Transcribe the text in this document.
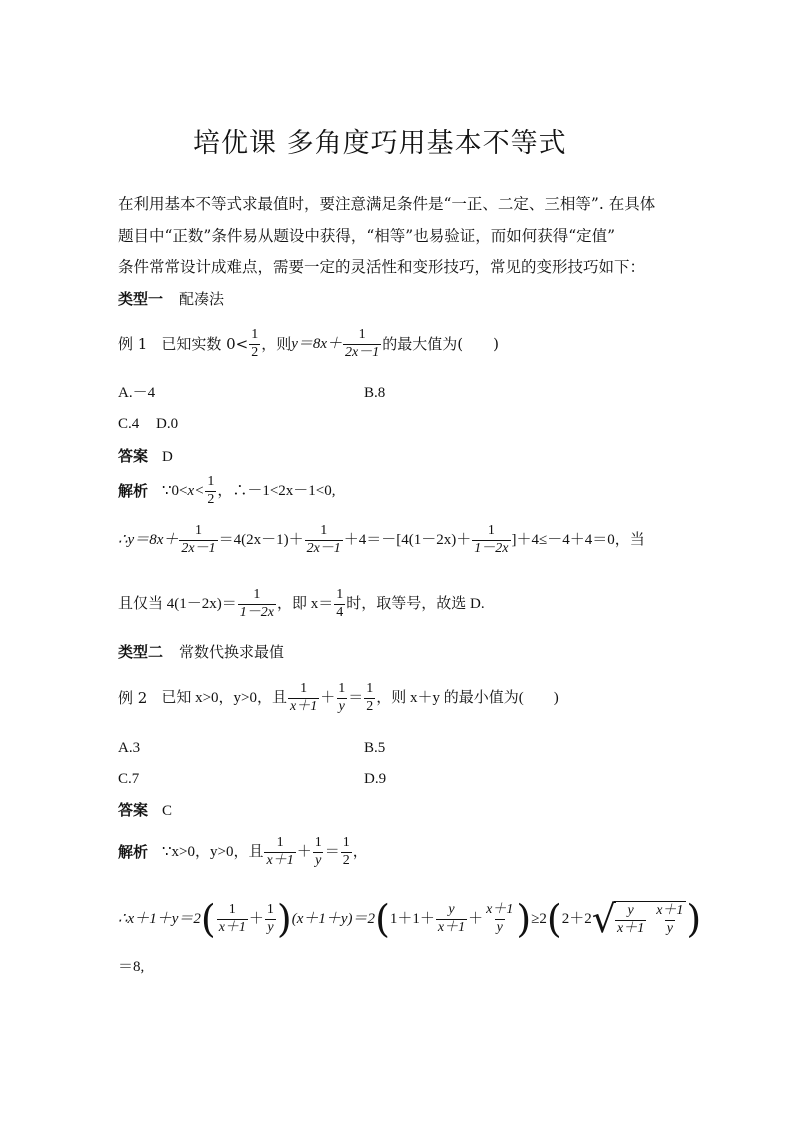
培优课 多角度巧用基本不等式
在利用基本不等式求最值时，要注意满足条件是“一正、二定、三相等”. 在具体
题目中“正数”条件易从题设中获得，“相等”也易验证，而如何获得“定值”
条件常常设计成难点，需要一定的灵活性和变形技巧，常见的变形技巧如下：
类型一 配凑法
例 1 已知实数 $0< \frac{1}{2}$ ，则 $y=8x+ \frac{1}{2x-1}$ 的最大值为(　　)
A.－4	B.8
C.4 D.0
答案 D
解析 ∵0< $x< \frac{1}{2}$ ，∴－1<2x－1<0,
∴y＝8x＋ $\frac{1}{2x-1} =4(2x-1)+ \frac{1}{2x-1} +4=-[4(1-2x)+ \frac{1}{1-2x} ]+4\le-4+4=0$，当
且仅当 $4(1-2x)= \frac{1}{1-2x}$ ，即 $x= \frac{1}{4}$ 时，取等号，故选 D.
类型二 常数代换求最值
例 2 已知 x>0，y>0，且 $\frac{1}{x+1} + \frac{1}{y} = \frac{1}{2}$ ，则 x＋y 的最小值为(　　)
A.3	B.5
C.7	D.9
答案 C
解析 ∵x>0，y>0，且 $\frac{1}{x+1} + \frac{1}{y} = \frac{1}{2}$ ，
∴x＋1＋y＝2 ( $\frac{1}{x+1} + \frac{1}{y}$ ) (x＋1＋y)＝2 ( $1+1+ \frac{y}{x+1} + \frac{x+1}{y}$ ) ≥2 ( 2＋2 √ $\frac{y}{x+1} \frac{x+1}{y}$ )
＝8,
